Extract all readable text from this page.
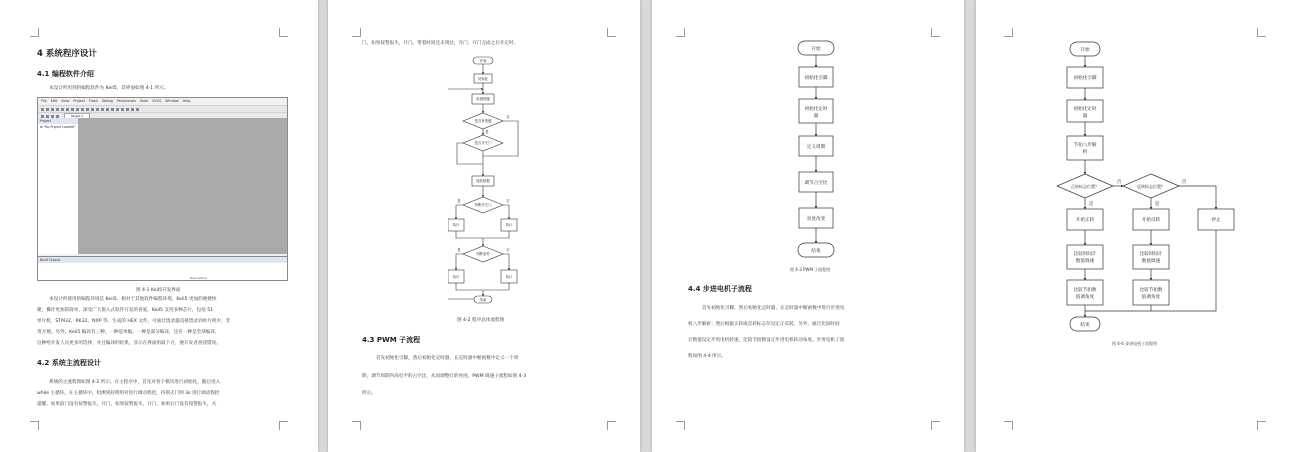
4 系统程序设计
4.1 编程软件介绍
本设计所用到的编程软件为 Keil5，其界面如图 4-1 所示。
File Edit View Project Flash Debug Peripherals Tools SVCS Window Help
Target 1
Project
⊞ "No Project Loaded"
Build Output
Description
图 4-1 Keil5开发界面
本设计所使用的编程环境是 Keil5。相对于其他软件编程环境，Keil5 更加的便捷快
捷，操作更加的简单，深受广大嵌入式软件开发的喜爱。Keil5 支持多种芯片，包括 51
单片机，STM32，RK32，NXP 等，生成的 HEX 文件，可通过烧录器直接烧录到单片机中，非
常方便。另外，Keil5 编译有三种，一种是单编，一种是部分编译，还有一种是全部编译，
这种给开发人员更多的选择，并且编译的结果，显示在界面的最下方，便开发者查找错误。
4.2 系统主流程设计
系统的主流程图如图 4-2 所示。在主程序中，首先对各个模块进行初始化，随后进入
while 主循环。在主循环中，检测到持锁则对进行调动程控，持锁灭门则 3s 进行调动程控
提醒。如果前门没有按警报失，开门。如果按警报失，开门，如果后门没有按警报失，关
门。如果按警报失，开门。带着时间还未到达，开门，开门完成之后开定时。
开始
初始化
检测按键
是否有按键
是否开关门
接收数据
判断开关门
执行	执行
判断条件
执行	执行
结束
否
是
否
是
否
是
图 4-2 程序总体流程图
4.3 PWM 子流程
首先初始化引脚，然后初始化定时器，在定时器中断函数中定义一个周
期，调节周期内高电平的占空比，从而调整灯的亮度。PWM 调速子流程如图 4-3
所示。
开始
初始化引脚
初始化定时器
定义周期
调节占空比
亮度改变
结束
图 4-3 PWM 子流程图
4.4 步进电机子流程
首先初始化引脚，然后初始化定时器，在定时器中断函数中进行步进电
机八步解析；然后根据正转或反转标志位设定正反转。另外，通过比较时间
计数值设定步进电机转速，比较节拍数设定步进电机转动角度。步进电机子流
程如图 4-4 所示。
开始
初始化引脚
初始化定时器
节拍八步解析
正转标志位置？	反转标志位置？
开始正转	开始反转	停止
比较时间计数值调速
比较时间计数值调速
比较节拍数值调角度
比较节拍数值调角度
结束
否	否
是	是
图 4-4 步进电机子流程图
